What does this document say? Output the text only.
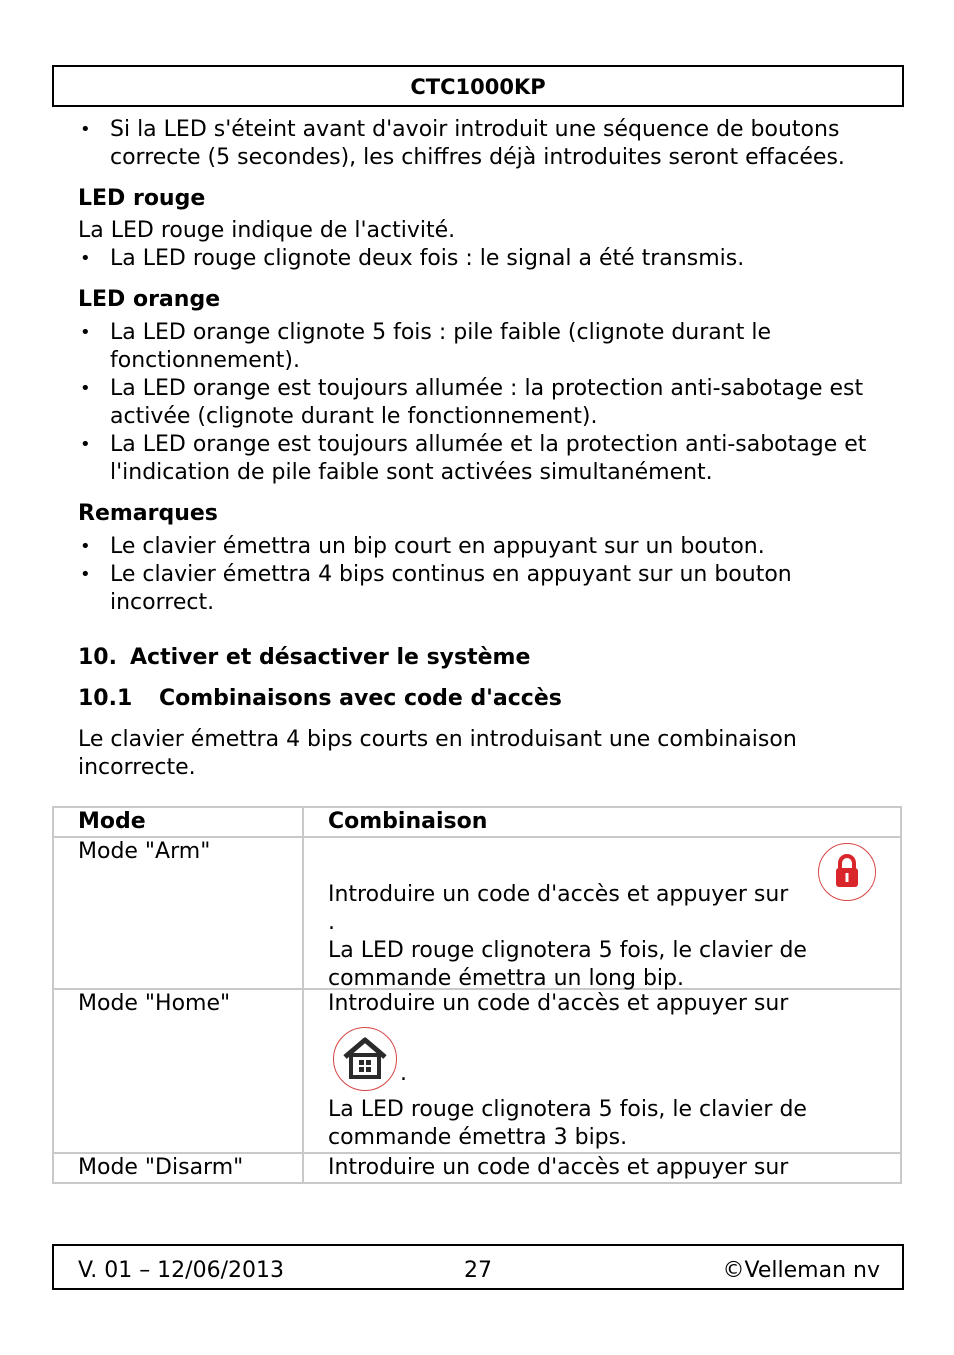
CTC1000KP
• Si la LED s'éteint avant d'avoir introduit une séquence de boutons correcte (5 secondes), les chiffres déjà introduites seront effacées.
LED rouge
La LED rouge indique de l'activité.
• La LED rouge clignote deux fois : le signal a été transmis.
LED orange
• La LED orange clignote 5 fois : pile faible (clignote durant le fonctionnement).
• La LED orange est toujours allumée : la protection anti-sabotage est activée (clignote durant le fonctionnement).
• La LED orange est toujours allumée et la protection anti-sabotage et l'indication de pile faible sont activées simultanément.
Remarques
• Le clavier émettra un bip court en appuyant sur un bouton.
• Le clavier émettra 4 bips continus en appuyant sur un bouton incorrect.
10. Activer et désactiver le système
10.1	Combinaisons avec code d'accès
Le clavier émettra 4 bips courts en introduisant une combinaison incorrecte.
Mode	Combinaison
Mode "Arm"	Introduire un code d'accès et appuyer sur
.
La LED rouge clignotera 5 fois, le clavier de commande émettra un long bip.

Mode "Home"	Introduire un code d'accès et appuyer sur
.
La LED rouge clignotera 5 fois, le clavier de commande émettra 3 bips.

Mode "Disarm"	Introduire un code d'accès et appuyer sur
V. 01 – 12/06/2013	27	©Velleman nv
